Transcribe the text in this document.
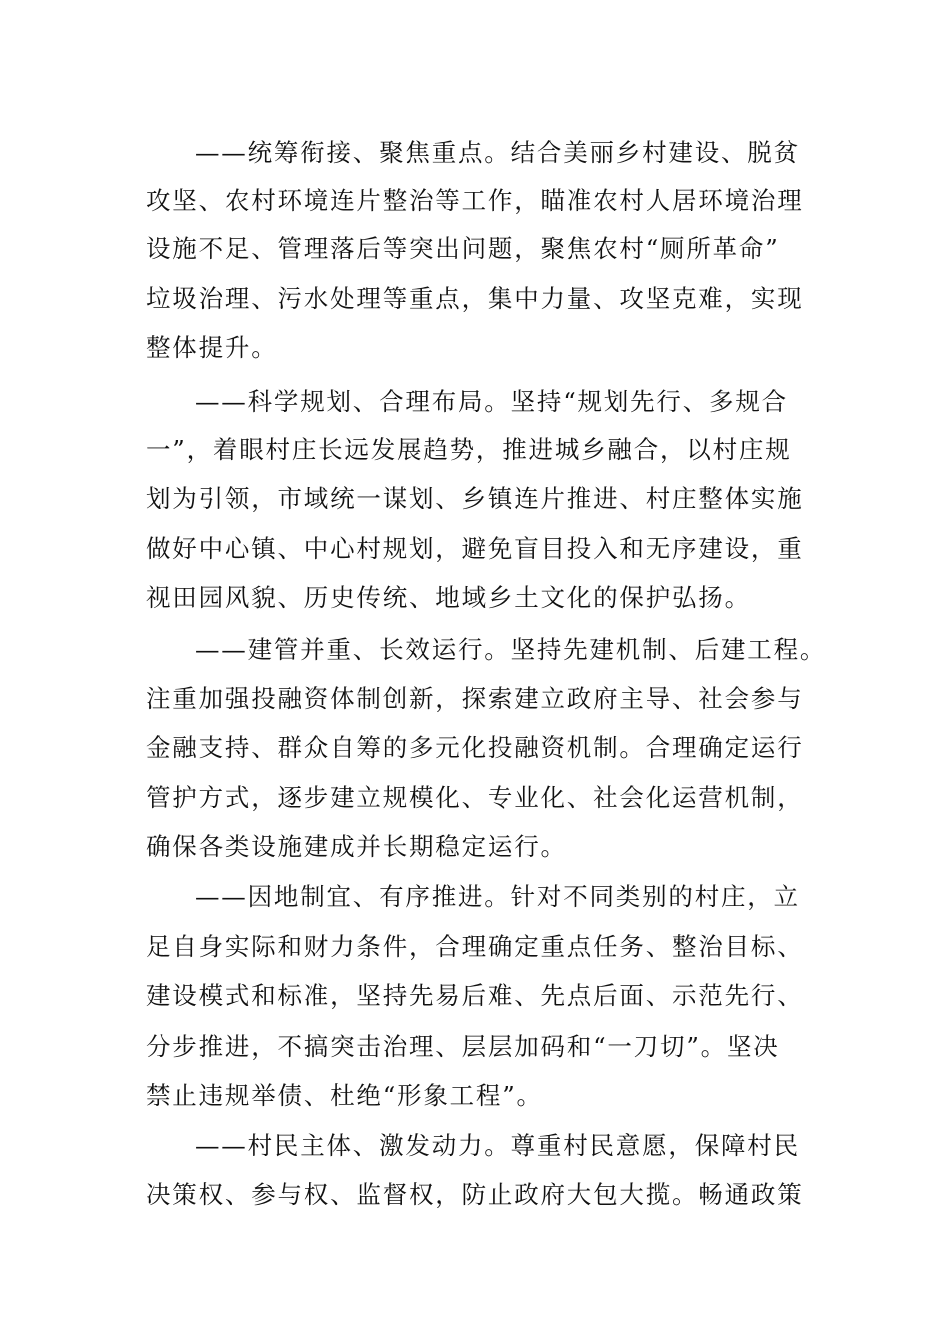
——统筹衔接、聚焦重点。结合美丽乡村建设、脱贫
攻坚、农村环境连片整治等工作，瞄准农村人居环境治理
设施不足、管理落后等突出问题，聚焦农村“厕所革命”
垃圾治理、污水处理等重点，集中力量、攻坚克难，实现
整体提升。
——科学规划、合理布局。坚持“规划先行、多规合
一”，着眼村庄长远发展趋势，推进城乡融合，以村庄规
划为引领，市域统一谋划、乡镇连片推进、村庄整体实施
做好中心镇、中心村规划，避免盲目投入和无序建设，重
视田园风貌、历史传统、地域乡土文化的保护弘扬。
——建管并重、长效运行。坚持先建机制、后建工程。
注重加强投融资体制创新，探索建立政府主导、社会参与
金融支持、群众自筹的多元化投融资机制。合理确定运行
管护方式，逐步建立规模化、专业化、社会化运营机制，
确保各类设施建成并长期稳定运行。
——因地制宜、有序推进。针对不同类别的村庄，立
足自身实际和财力条件，合理确定重点任务、整治目标、
建设模式和标准，坚持先易后难、先点后面、示范先行、
分步推进，不搞突击治理、层层加码和“一刀切”。坚决
禁止违规举债、杜绝“形象工程”。
——村民主体、激发动力。尊重村民意愿，保障村民
决策权、参与权、监督权，防止政府大包大揽。畅通政策
